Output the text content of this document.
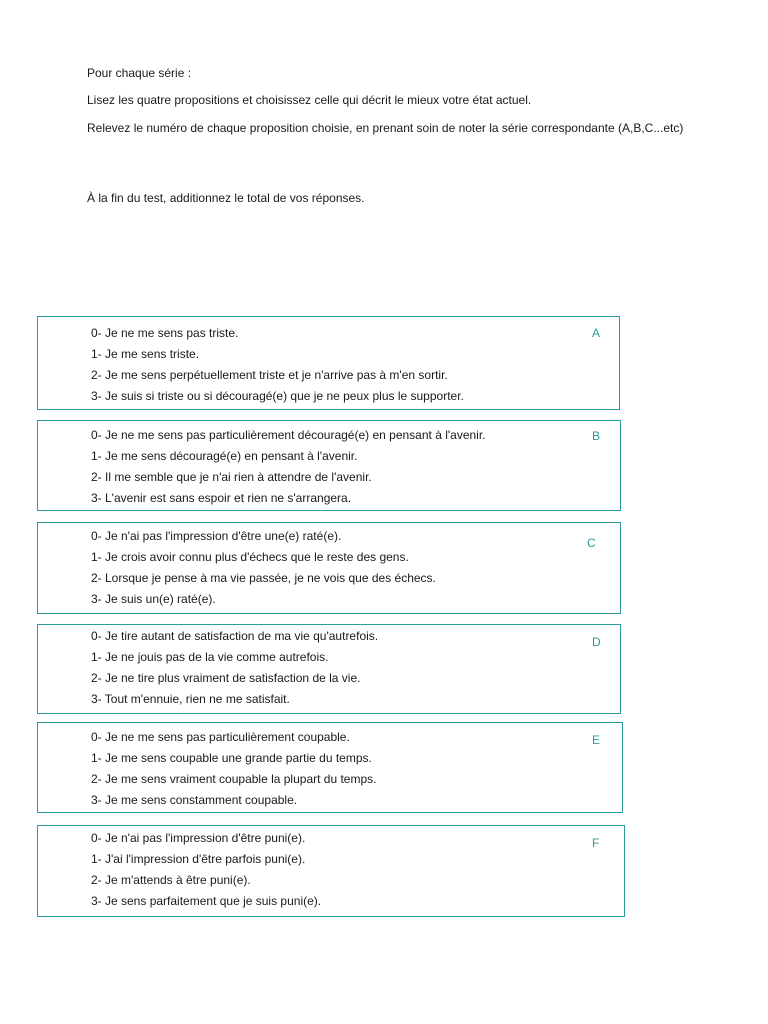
Pour chaque série :

Lisez les quatre propositions et choisissez celle qui décrit le mieux votre état actuel.

Relevez le numéro de chaque proposition choisie, en prenant soin de noter la série correspondante (A,B,C...etc)

À la fin du test, additionnez le total de vos réponses.

0- Je ne me sens pas triste.
1- Je me sens triste.
2- Je me sens perpétuellement triste et je n'arrive pas à m'en sortir.
3- Je suis si triste ou si découragé(e) que je ne peux plus le supporter.
A
0- Je ne me sens pas particulièrement découragé(e) en pensant à l'avenir.
1- Je me sens découragé(e) en pensant à l'avenir.
2- Il me semble que je n'ai rien à attendre de l'avenir.
3- L'avenir est sans espoir et rien ne s'arrangera.
B
0- Je n'ai pas l'impression d'être une(e) raté(e).
1- Je crois avoir connu plus d'échecs que le reste des gens.
2- Lorsque je pense à ma vie passée, je ne vois que des échecs.
3- Je suis un(e) raté(e).
C
0- Je tire autant de satisfaction de ma vie qu'autrefois.
1- Je ne jouis pas de la vie comme autrefois.
2- Je ne tire plus vraiment de satisfaction de la vie.
3- Tout m'ennuie, rien ne me satisfait.
D
0- Je ne me sens pas particulièrement coupable.
1- Je me sens coupable une grande partie du temps.
2- Je me sens vraiment coupable la plupart du temps.
3- Je me sens constamment coupable.
E
0- Je n'ai pas l'impression d'être puni(e).
1- J'ai l'impression d'être parfois puni(e).
2- Je m'attends à être puni(e).
3- Je sens parfaitement que je suis puni(e).
F
